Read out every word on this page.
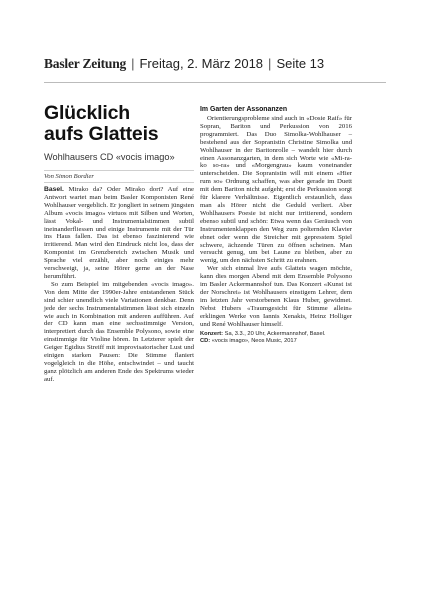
Basler Zeitung | Freitag, 2. März 2018 | Seite 13
Glücklich
aufs Glatteis
Wohlhausers CD «vocis imago»
Von Simon Bordier

Basel. Mirako da? Oder Mirako dort? Auf eine Antwort wartet man beim Basler Komponisten René Wohlhauser vergeblich. Er jongliert in seinem jüngsten Album «vocis imago» virtuos mit Silben und Worten, lässt Vokal- und Instrumentalstimmen subtil ineinanderfliessen und einige Instrumente mit der Tür ins Haus fallen. Das ist ebenso faszinierend wie irritierend. Man wird den Eindruck nicht los, dass der Komponist im Grenzbereich zwischen Musik und Sprache viel erzählt, aber noch einiges mehr verschweigt, ja, seine Hörer gerne an der Nase herumführt.

So zum Beispiel im mitgebenden «vocis imago». Von dem Mitte der 1990er-Jahre entstandenen Stück sind schier unendlich viele Variationen denkbar. Denn jede der sechs Instrumentalstimmen lässt sich einzeln wie auch in Kombination mit anderen aufführen. Auf der CD kann man eine sechsstimmige Version, interpretiert durch das Ensemble Polysono, sowie eine einstimmige für Violine hören. In Letzterer spielt der Geiger Egidius Streiff mit improvisatorischer Lust und einigen starken Pausen: Die Stimme flaniert vogelgleich in die Höhe, entschwindet – und taucht ganz plötzlich am anderen Ende des Spektrums wieder auf.

Im Garten der Assonanzen

Orientierungsprobleme sind auch in «Dosie Raif» für Sopran, Bariton und Perkussion von 2016 programmiert. Das Duo Simolka-Wohlhauser – bestehend aus der Sopranistin Christine Simolka und Wohlhauser in der Baritonrolle – wandelt hier durch einen Assonanzgarten, in dem sich Worte wie «Mi-ra-ko so-ra» und «Morgengrau» kaum voneinander unterscheiden. Die Sopranistin will mit einem «Hier rum so» Ordnung schaffen, was aber gerade im Duett mit dem Bariton nicht aufgeht; erst die Perkussion sorgt für klarere Verhältnisse. Eigentlich erstaunlich, dass man als Hörer nicht die Geduld verliert. Aber Wohlhausers Poesie ist nicht nur irritierend, sondern ebenso subtil und schön: Etwa wenn das Geräusch von Instrumentenklappen den Weg zum polternden Klavier ebnet oder wenn die Streicher mit gepresstem Spiel schwere, ächzende Türen zu öffnen scheinen. Man versucht genug, um bei Laune zu bleiben, aber zu wenig, um den nächsten Schritt zu erahnen.

Wer sich einmal live aufs Glatteis wagen möchte, kann dies morgen Abend mit dem Ensemble Polysono im Basler Ackermannshof tun. Das Konzert «Kunst ist der Norschrei» ist Wohlhausers einstigem Lehrer, dem im letzten Jahr verstorbenen Klaus Huber, gewidmet. Nebst Hubers «Traumgesicht für Stimme allein» erklingen Werke von Iannis Xenakis, Heinz Holliger und René Wohlhauser himself.

Konzert: Sa, 3.3., 20 Uhr, Ackermannshof, Basel.
CD: «vocis imago», Neos Music, 2017
